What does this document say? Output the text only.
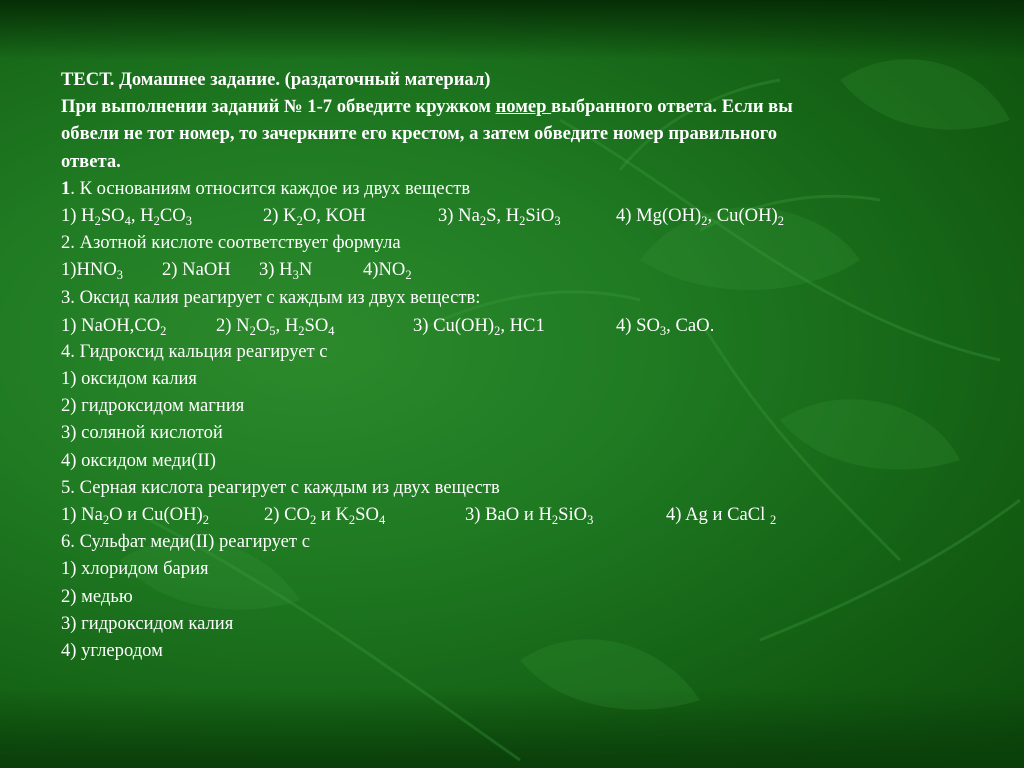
ТЕСТ. Домашнее задание. (раздаточный материал)
При выполнении заданий № 1-7 обведите кружком номер выбранного ответа. Если вы
обвели не тот номер, то зачеркните его крестом, а затем обведите номер правильного
ответа.
1. К основаниям относится каждое из двух веществ
1) $H_2SO_4$, $H_2CO_3$	2) $K_2O$, KOH	3) $Na_2S$, $H_2SiO_3$	4) $Mg(OH)_2$, $Cu(OH)_2$
2. Азотной кислоте соответствует формула
$1)HNO_3$ 2) NaOH 3) $H_3N$	$4)NO_2$
3. Оксид калия реагирует с каждым из двух веществ:
1) $NaOH,CO_2$	2) $N_2O_5$, $H_2SO_4$	3) $Cu(OH)_2$, HC1	4) $SO_3$, CaO.
4. Гидроксид кальция реагирует с
1) оксидом калия
2) гидроксидом магния
3) соляной кислотой
4) оксидом меди(II)
5. Серная кислота реагирует с каждым из двух веществ
1) $Na_2O$ и $Cu(OH)_2$	2) $CO_2$ и $K_2SO_4$	3) BaO и $H_2SiO_3$	4) Ag и CaCl $_2$
6. Сульфат меди(II) реагирует с
1) хлоридом бария
2) медью
3) гидроксидом калия
4) углеродом
